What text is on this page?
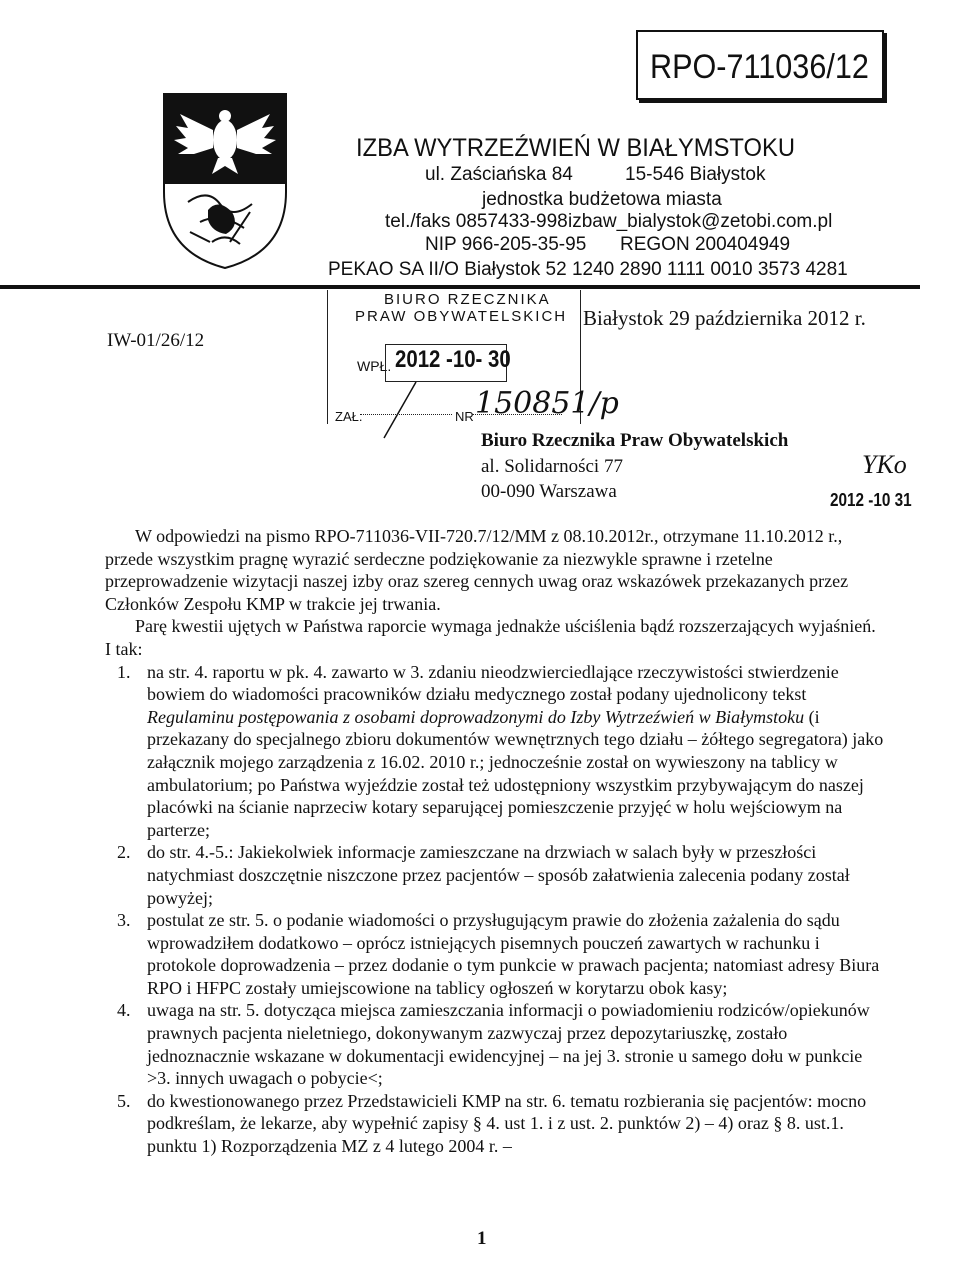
RPO-711036/12
IZBA WYTRZEŹWIEŃ W BIAŁYMSTOKU
ul. Zaściańska 84	15-546 Białystok
jednostka budżetowa miasta
tel./faks 0857433-998 izbaw_bialystok@zetobi.com.pl
NIP 966-205-35-95 REGON 200404949
PEKAO SA II/O Białystok 52 1240 2890 1111 0010 3573 4281
IW-01/26/12
BIURO RZECZNIKA
PRAW OBYWATELSKICH
WPŁ. 2012 -10- 30
ZAŁ.	NR 150851/p
Białystok 29 października 2012 r.
Biuro Rzecznika Praw Obywatelskich
al. Solidarności 77
00-090 Warszawa
YKo
2012 -10 31

W odpowiedzi na pismo RPO-711036-VII-720.7/12/MM z 08.10.2012r., otrzymane 11.10.2012 r., przede wszystkim pragnę wyrazić serdeczne podziękowanie za niezwykle sprawne i rzetelne przeprowadzenie wizytacji naszej izby oraz szereg cennych uwag oraz wskazówek przekazanych przez Członków Zespołu KMP w trakcie jej trwania.

Parę kwestii ujętych w Państwa raporcie wymaga jednakże uściślenia bądź rozszerzających wyjaśnień. I tak:

1. na str. 4. raportu w pk. 4. zawarto w 3. zdaniu nieodzwierciedlające rzeczywistości stwierdzenie bowiem do wiadomości pracowników działu medycznego został podany ujednolicony tekst Regulaminu postępowania z osobami doprowadzonymi do Izby Wytrzeźwień w Białymstoku (i przekazany do specjalnego zbioru dokumentów wewnętrznych tego działu – żółtego segregatora) jako załącznik mojego zarządzenia z 16.02. 2010 r.; jednocześnie został on wywieszony na tablicy w ambulatorium; po Państwa wyjeździe został też udostępniony wszystkim przybywającym do naszej placówki na ścianie naprzeciw kotary separującej pomieszczenie przyjęć w holu wejściowym na parterze;
2. do str. 4.-5.: Jakiekolwiek informacje zamieszczane na drzwiach w salach były w przeszłości natychmiast doszczętnie niszczone przez pacjentów – sposób załatwienia zalecenia podany został powyżej;
3. postulat ze str. 5. o podanie wiadomości o przysługującym prawie do złożenia zażalenia do sądu wprowadziłem dodatkowo – oprócz istniejących pisemnych pouczeń zawartych w rachunku i protokole doprowadzenia – przez dodanie o tym punkcie w prawach pacjenta; natomiast adresy Biura RPO i HFPC zostały umiejscowione na tablicy ogłoszeń w korytarzu obok kasy;
4. uwaga na str. 5. dotycząca miejsca zamieszczania informacji o powiadomieniu rodziców/opiekunów prawnych pacjenta nieletniego, dokonywanym zazwyczaj przez depozytariuszkę, zostało jednoznacznie wskazane w dokumentacji ewidencyjnej – na jej 3. stronie u samego dołu w punkcie >3. innych uwagach o pobycie<;
5. do kwestionowanego przez Przedstawicieli KMP na str. 6. tematu rozbierania się pacjentów: mocno podkreślam, że lekarze, aby wypełnić zapisy § 4. ust 1. i z ust. 2. punktów 2) – 4) oraz § 8. ust.1. punktu 1) Rozporządzenia MZ z 4 lutego 2004 r. –
1
